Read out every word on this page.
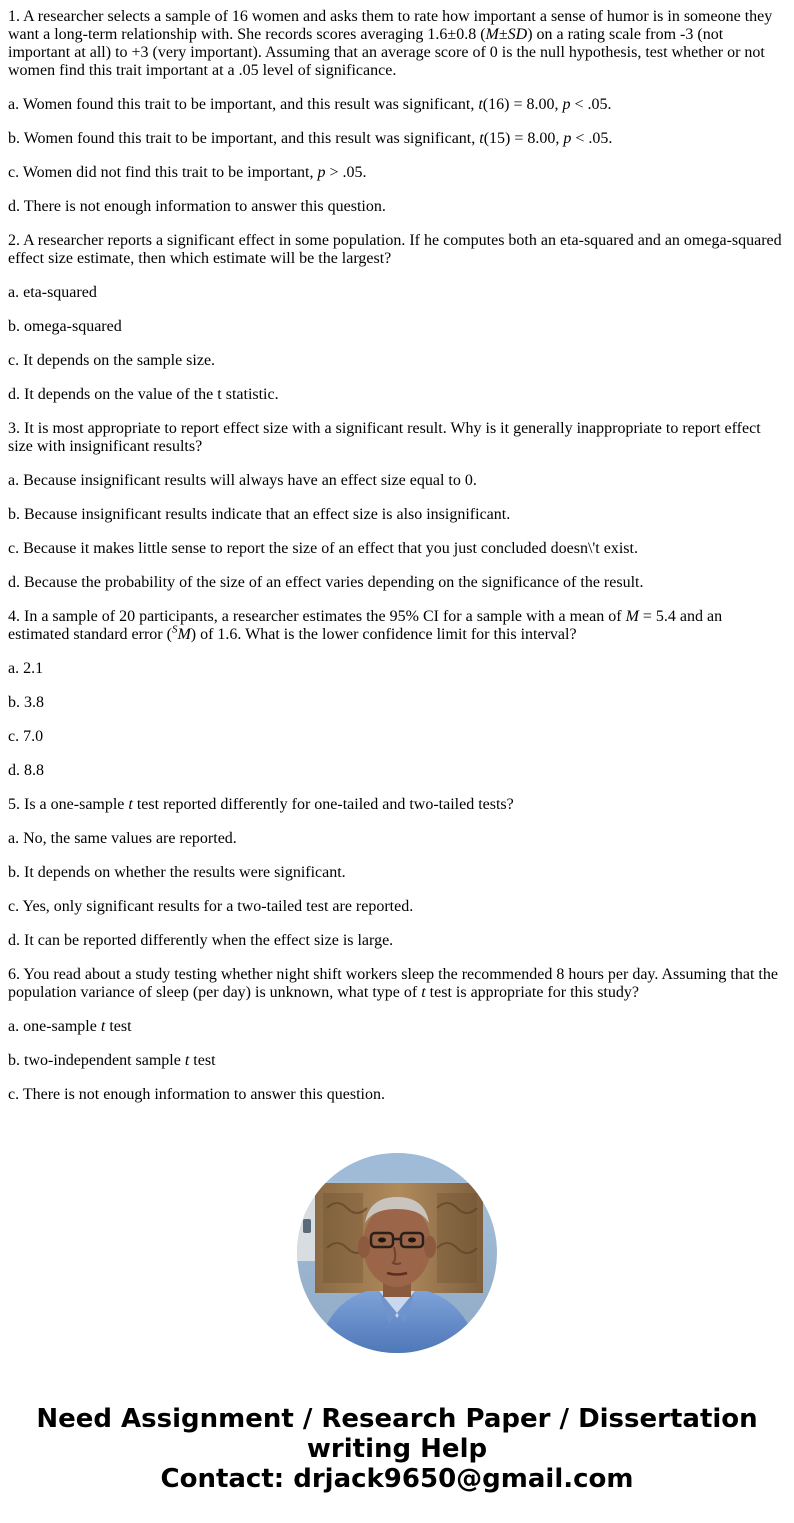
1. A researcher selects a sample of 16 women and asks them to rate how important a sense of humor is in someone they want a long-term relationship with. She records scores averaging 1.6±0.8 (M±SD) on a rating scale from -3 (not important at all) to +3 (very important). Assuming that an average score of 0 is the null hypothesis, test whether or not women find this trait important at a .05 level of significance.

a. Women found this trait to be important, and this result was significant, t(16) = 8.00, p < .05.

b. Women found this trait to be important, and this result was significant, t(15) = 8.00, p < .05.

c. Women did not find this trait to be important, p > .05.

d. There is not enough information to answer this question.

2. A researcher reports a significant effect in some population. If he computes both an eta-squared and an omega-squared effect size estimate, then which estimate will be the largest?

a. eta-squared

b. omega-squared

c. It depends on the sample size.

d. It depends on the value of the t statistic.

3. It is most appropriate to report effect size with a significant result. Why is it generally inappropriate to report effect size with insignificant results?

a. Because insignificant results will always have an effect size equal to 0.

b. Because insignificant results indicate that an effect size is also insignificant.

c. Because it makes little sense to report the size of an effect that you just concluded doesn\'t exist.

d. Because the probability of the size of an effect varies depending on the significance of the result.

4. In a sample of 20 participants, a researcher estimates the 95% CI for a sample with a mean of M = 5.4 and an estimated standard error ($^S$M) of 1.6. What is the lower confidence limit for this interval?

a. 2.1

b. 3.8

c. 7.0

d. 8.8

5. Is a one-sample t test reported differently for one-tailed and two-tailed tests?

a. No, the same values are reported.

b. It depends on whether the results were significant.

c. Yes, only significant results for a two-tailed test are reported.

d. It can be reported differently when the effect size is large.

6. You read about a study testing whether night shift workers sleep the recommended 8 hours per day. Assuming that the population variance of sleep (per day) is unknown, what type of t test is appropriate for this study?

a. one-sample t test

b. two-independent sample t test

c. There is not enough information to answer this question.

Need Assignment / Research Paper / Dissertation
writing Help
Contact: drjack9650@gmail.com
